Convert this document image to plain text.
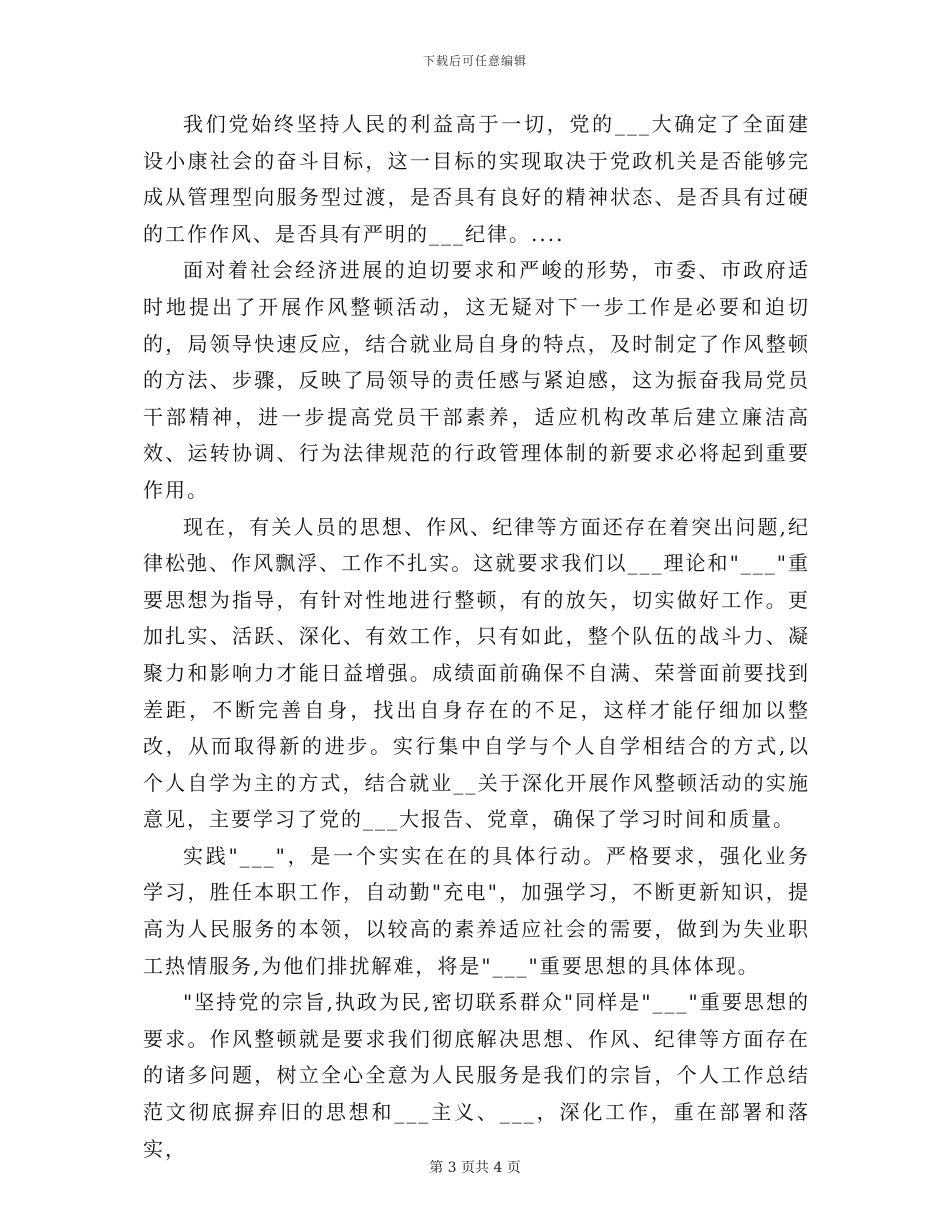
下载后可任意编辑

我们党始终坚持人民的利益高于一切，党的___大确定了全面建设小康社会的奋斗目标，这一目标的实现取决于党政机关是否能够完成从管理型向服务型过渡，是否具有良好的精神状态、是否具有过硬的工作作风、是否具有严明的___纪律。....

面对着社会经济进展的迫切要求和严峻的形势，市委、市政府适时地提出了开展作风整顿活动，这无疑对下一步工作是必要和迫切的，局领导快速反应，结合就业局自身的特点，及时制定了作风整顿的方法、步骤，反映了局领导的责任感与紧迫感，这为振奋我局党员干部精神，进一步提高党员干部素养，适应机构改革后建立廉洁高效、运转协调、行为法律规范的行政管理体制的新要求必将起到重要作用。

现在，有关人员的思想、作风、纪律等方面还存在着突出问题,纪律松弛、作风飘浮、工作不扎实。这就要求我们以___理论和"___"重要思想为指导，有针对性地进行整顿，有的放矢，切实做好工作。更加扎实、活跃、深化、有效工作，只有如此，整个队伍的战斗力、凝聚力和影响力才能日益增强。成绩面前确保不自满、荣誉面前要找到差距，不断完善自身，找出自身存在的不足，这样才能仔细加以整改，从而取得新的进步。实行集中自学与个人自学相结合的方式,以个人自学为主的方式，结合就业__关于深化开展作风整顿活动的实施意见，主要学习了党的___大报告、党章，确保了学习时间和质量。

实践"___"，是一个实实在在的具体行动。严格要求，强化业务学习，胜任本职工作，自动勤"充电"，加强学习，不断更新知识，提高为人民服务的本领，以较高的素养适应社会的需要，做到为失业职工热情服务,为他们排扰解难，将是"___"重要思想的具体体现。

"坚持党的宗旨,执政为民,密切联系群众"同样是"___"重要思想的要求。作风整顿就是要求我们彻底解决思想、作风、纪律等方面存在的诸多问题，树立全心全意为人民服务是我们的宗旨，个人工作总结范文彻底摒弃旧的思想和___主义、___，深化工作，重在部署和落实，

第 3 页共 4 页
